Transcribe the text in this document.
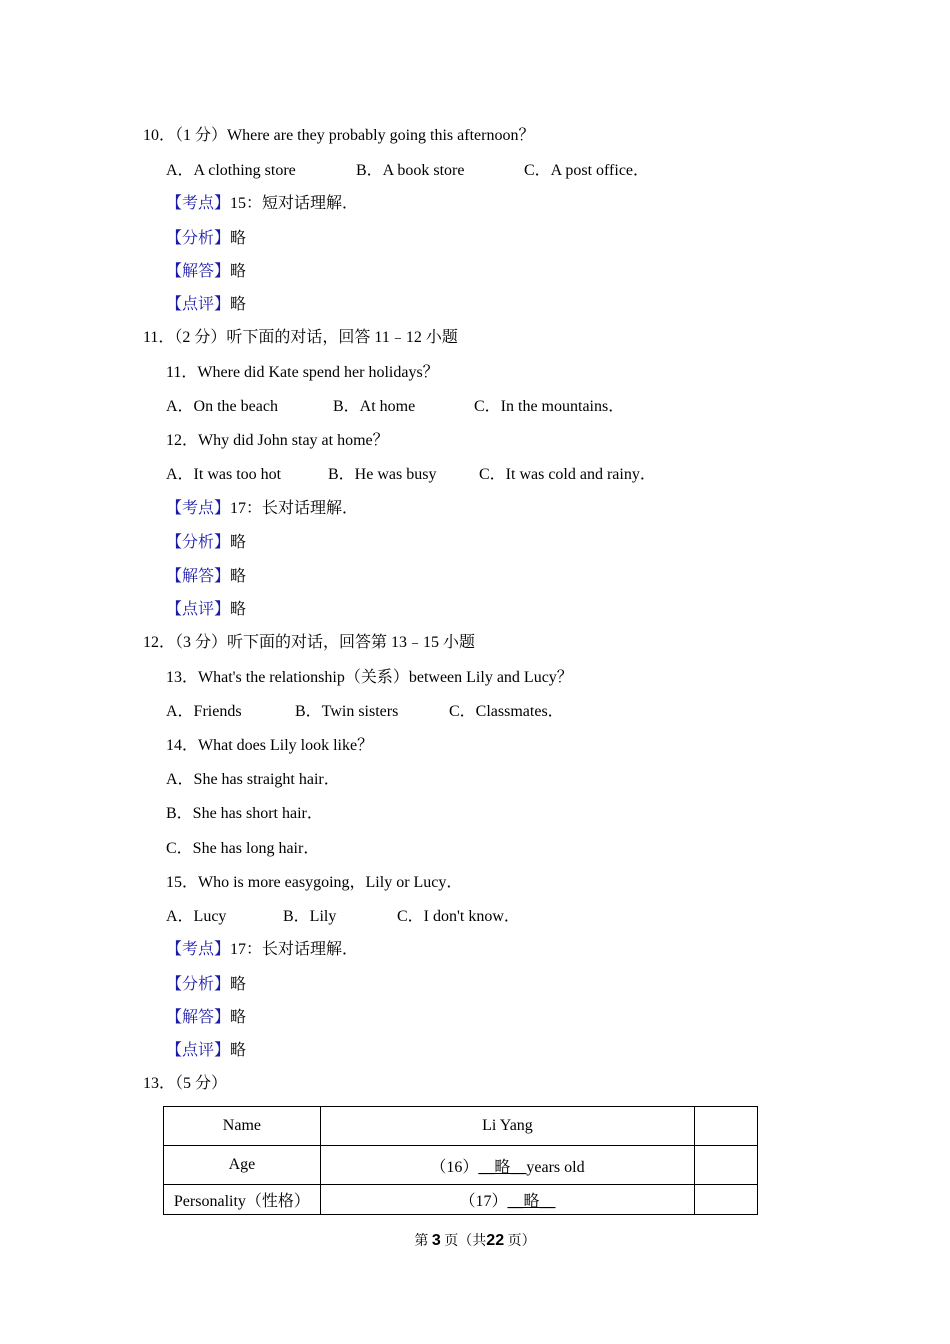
10．（1 分）Where are they probably going this afternoon？
A．A clothing store	B．A book store	C．A post office．
【考点】15：短对话理解．
【分析】略
【解答】略
【点评】略
11．（2 分）听下面的对话，回答 11﹣12 小题
11．Where did Kate spend her holidays？
A．On the beach	B．At home	C．In the mountains．
12．Why did John stay at home？
A．It was too hot	B．He was busy	C．It was cold and rainy．
【考点】17：长对话理解．
【分析】略
【解答】略
【点评】略
12．（3 分）听下面的对话，回答第 13﹣15 小题
13．What's the relationship（关系）between Lily and Lucy？
A．Friends	B．Twin sisters	C．Classmates．
14．What does Lily look like？
A．She has straight hair．
B．She has short hair．
C．She has long hair．
15．Who is more easygoing，Lily or Lucy．
A．Lucy	B．Lily	C．I don't know．
【考点】17：长对话理解．
【分析】略
【解答】略
【点评】略
13．（5 分）
Name	Li Yang	
Age	（16）＿略＿years old	
Personality（性格）	（17）＿略＿	
第 3 页（共22 页）
